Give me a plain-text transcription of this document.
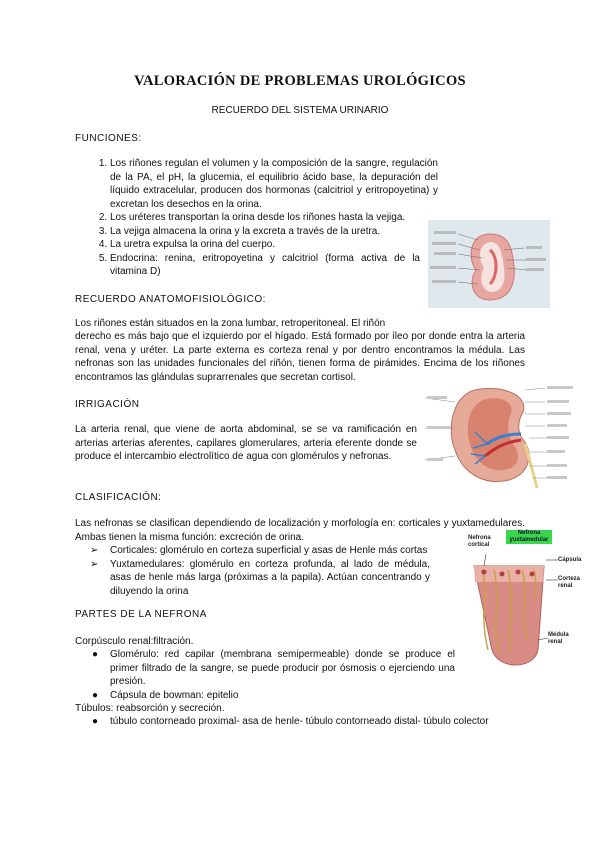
VALORACIÓN DE PROBLEMAS UROLÓGICOS
RECUERDO DEL SISTEMA URINARIO
FUNCIONES:
1. Los riñones regulan el volumen y la composición de la sangre, regulación de la PA, el pH, la glucemia, el equilibrio ácido base, la depuración del líquido extracelular, producen dos hormonas (calcitriol y eritropoyetina) y excretan los desechos en la orina.
2. Los uréteres transportan la orina desde los riñones hasta la vejiga.
3. La vejiga almacena la orina y la excreta a través de la uretra.
4. La uretra expulsa la orina del cuerpo.
5. Endocrina: renina, eritropoyetina y calcitriol (forma activa de la vitamina D)
RECUERDO ANATOMOFISIOLÓGICO:
Los riñones están situados en la zona lumbar, retroperitoneal. El riñón
derecho es más bajo que el izquierdo por el hígado. Está formado por íleo por donde entra la arteria renal, vena y uréter. La parte externa es corteza renal y por dentro encontramos la médula. Las nefronas son las unidades funcionales del riñón, tienen forma de pirámides. Encima de los riñones encontramos las glándulas suprarrenales que secretan cortisol.
IRRIGACIÓN
La arteria renal, que viene de aorta abdominal, se se va ramificación en arterias arterias aferentes, capilares glomerulares, arteria eferente donde se produce el intercambio electrolítico de agua con glomérulos y nefronas.
CLASIFICACIÓN:
Las nefronas se clasifican dependiendo de localización y morfología en: corticales y yuxtamedulares. Ambas tienen la misma función: excreción de orina.
➢ Corticales: glomérulo en corteza superficial y asas de Henle más cortas
➢ Yuxtamedulares: glomérulo en corteza profunda, al lado de médula, asas de henle más larga (próximas a la papila). Actúan concentrando y diluyendo la orina
Nefrona cortical
Nefrona yuxtamedular
Cápsula
Corteza renal
Médula renal
PARTES DE LA NEFRONA
Corpúsculo renal:filtración.
● Glomérulo: red capilar (membrana semipermeable) donde se produce el primer filtrado de la sangre, se puede producir por ósmosis o ejerciendo una presión.
● Cápsula de bowman: epitelio
Túbulos: reabsorción y secreción.
● túbulo contorneado proximal- asa de henle- túbulo contorneado distal- túbulo colector
